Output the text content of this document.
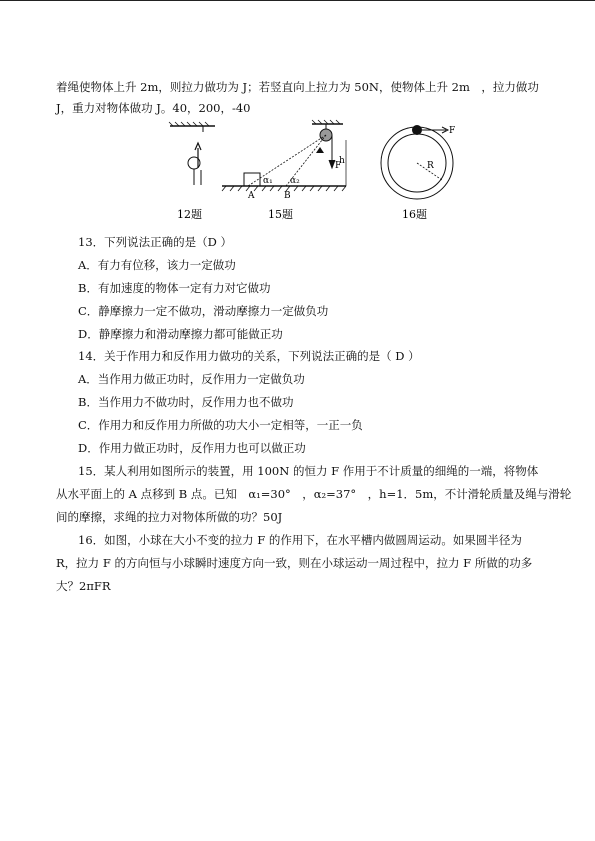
着绳使物体上升 2m，则拉力做功为 J；若竖直向上拉力为 50N，使物体上升 2m　，拉力做功
J，重力对物体做功 J。40，200，-40
12题
F
h
α₁ α₂
A	B
15题
F
R
16题
13．下列说法正确的是（D ）
A．有力有位移，该力一定做功
B．有加速度的物体一定有力对它做功
C．静摩擦力一定不做功，滑动摩擦力一定做负功
D．静摩擦力和滑动摩擦力都可能做正功
14．关于作用力和反作用力做功的关系，下列说法正确的是（ D ）
A．当作用力做正功时，反作用力一定做负功
B．当作用力不做功时，反作用力也不做功
C．作用力和反作用力所做的功大小一定相等，一正一负
D．作用力做正功时，反作用力也可以做正功
15．某人利用如图所示的装置，用 100N 的恒力 F 作用于不计质量的细绳的一端，将物体
从水平面上的 A 点移到 B 点。已知　α₁=30°　，α₂=37°　，h=1．5m，不计滑轮质量及绳与滑轮
间的摩擦，求绳的拉力对物体所做的功？50J
16．如图，小球在大小不变的拉力 F 的作用下，在水平槽内做圆周运动。如果圆半径为
R，拉力 F 的方向恒与小球瞬时速度方向一致，则在小球运动一周过程中，拉力 F 所做的功多
大？2πFR
